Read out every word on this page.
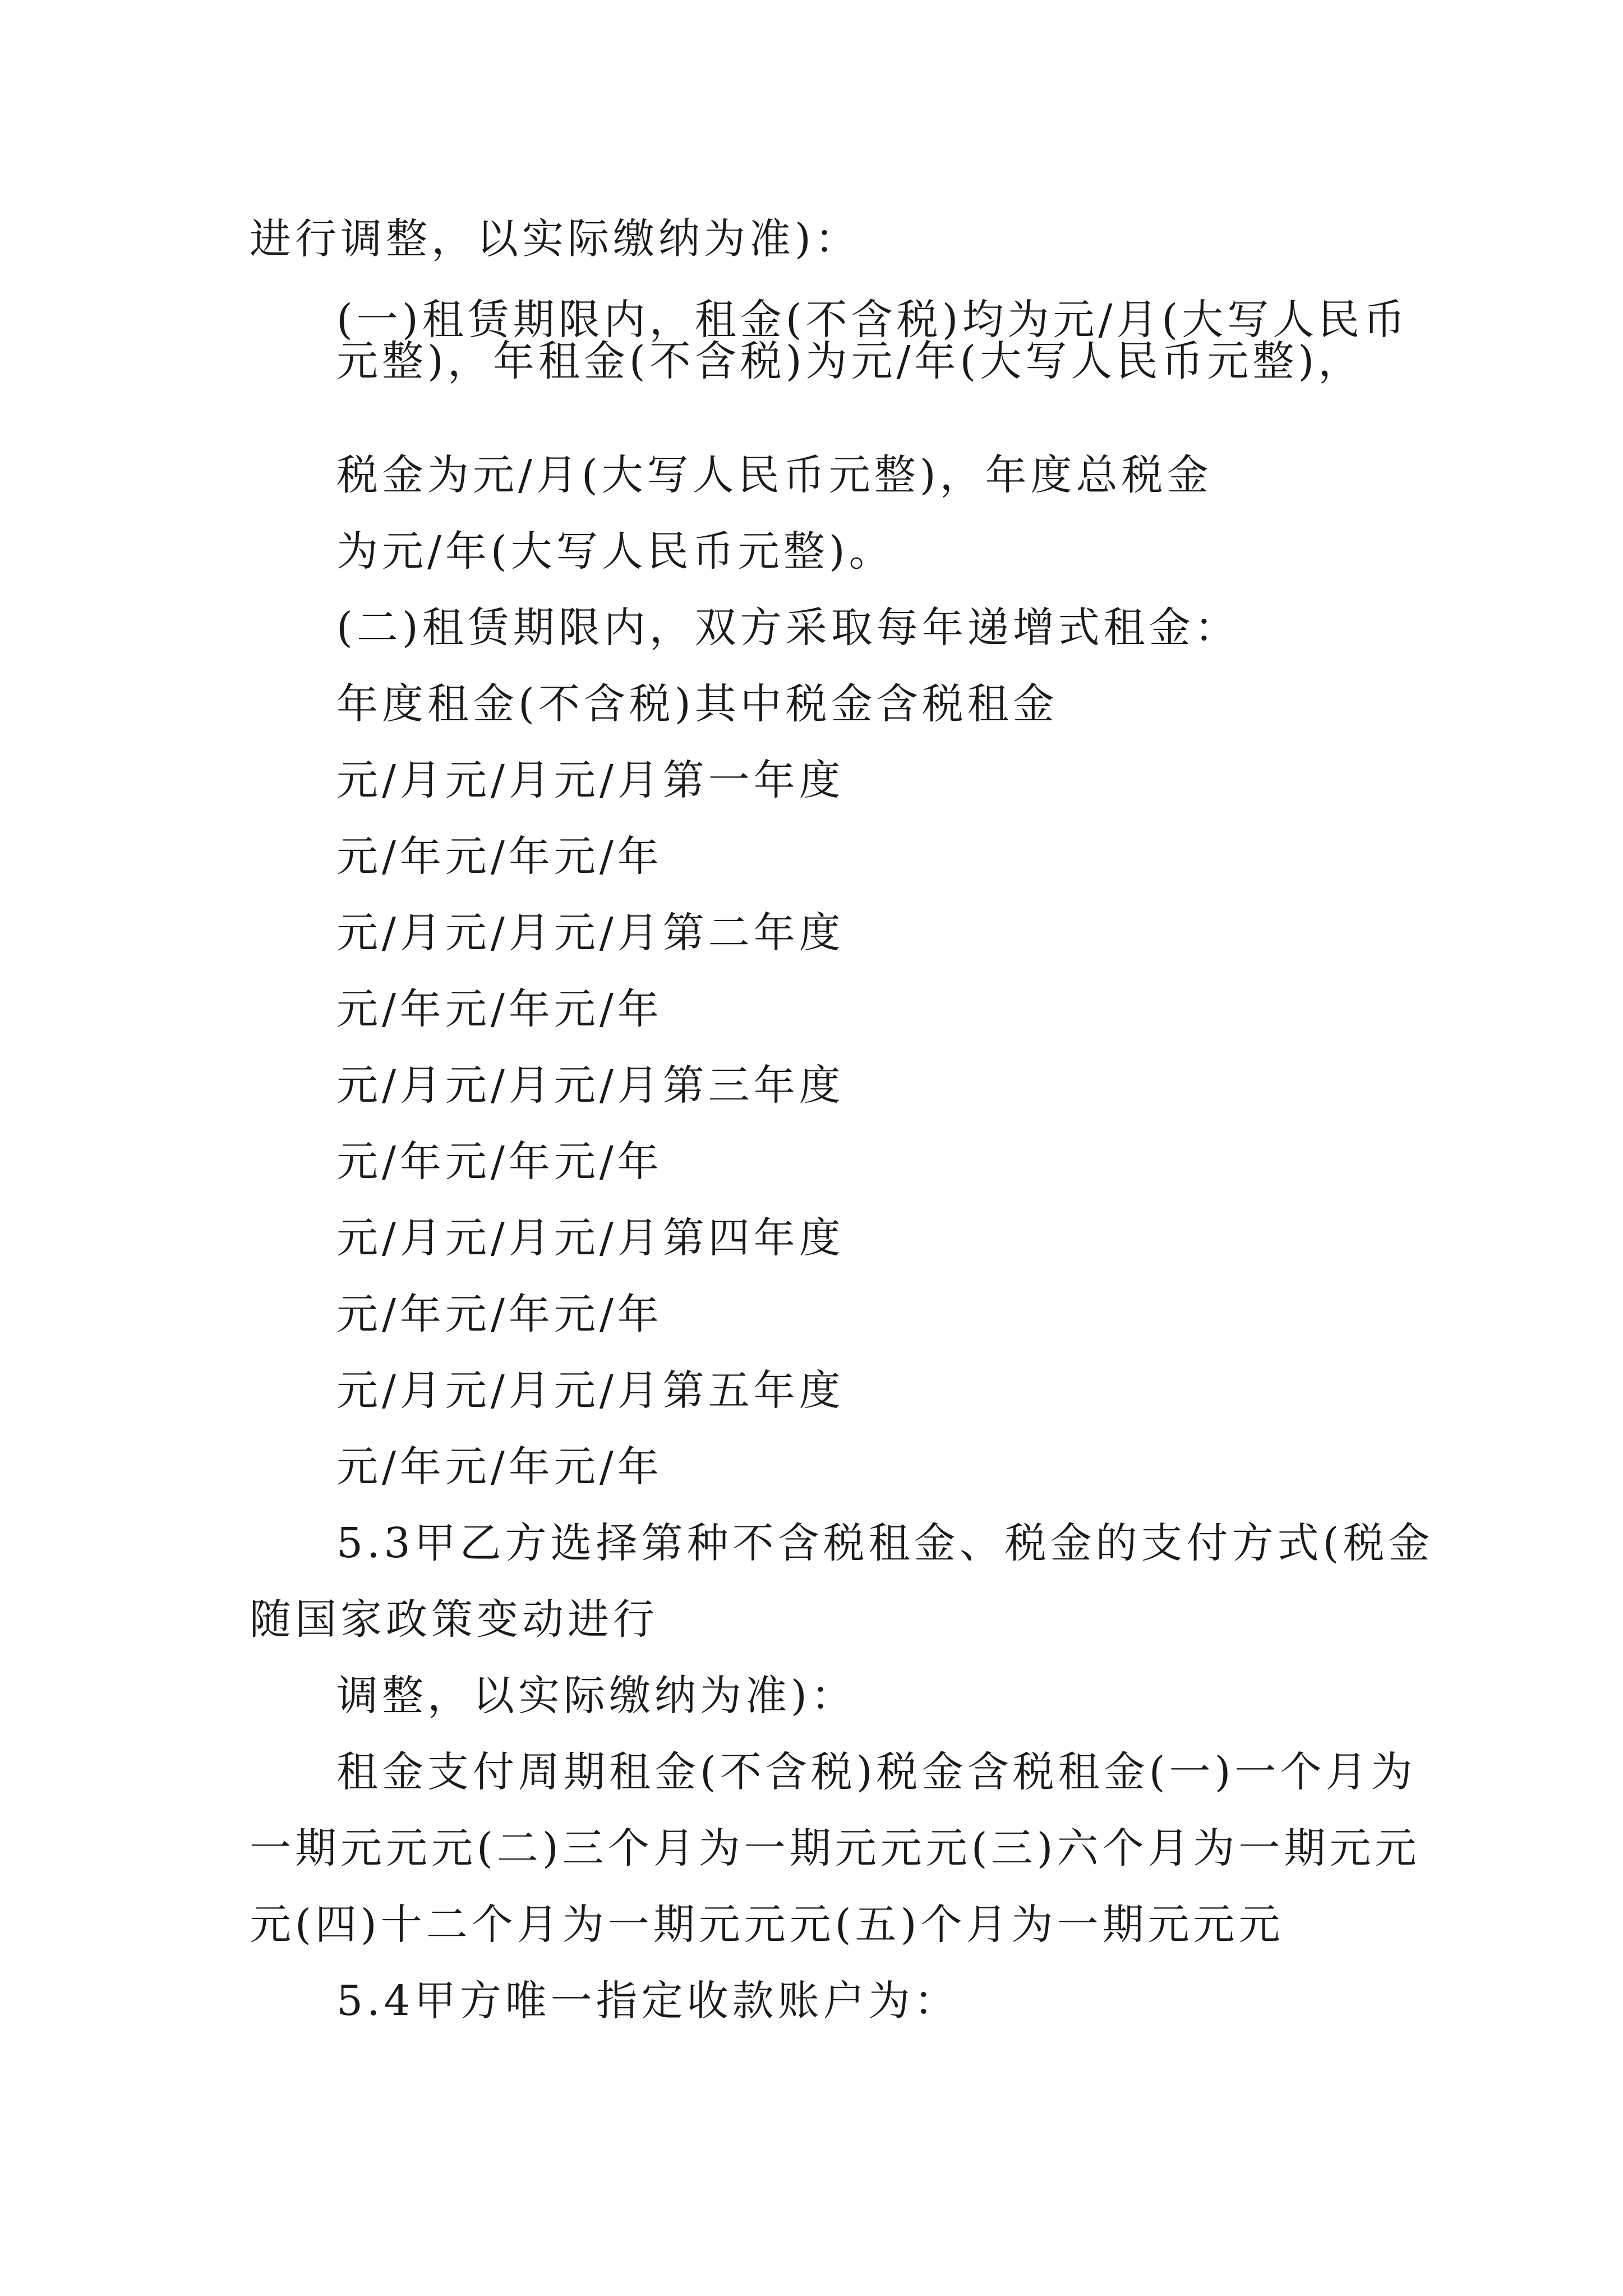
进行调整，以实际缴纳为准)：
(一)租赁期限内，租金(不含税)均为元/月(大写人民币
元整)，年租金(不含税)为元/年(大写人民币元整)，
税金为元/月(大写人民币元整)，年度总税金
为元/年(大写人民币元整)。
(二)租赁期限内，双方采取每年递增式租金：
年度租金(不含税)其中税金含税租金
元/月元/月元/月第一年度
元/年元/年元/年
元/月元/月元/月第二年度
元/年元/年元/年
元/月元/月元/月第三年度
元/年元/年元/年
元/月元/月元/月第四年度
元/年元/年元/年
元/月元/月元/月第五年度
元/年元/年元/年
5.3甲乙方选择第种不含税租金、税金的支付方式(税金
随国家政策变动进行
调整，以实际缴纳为准)：
租金支付周期租金(不含税)税金含税租金(一)一个月为
一期元元元(二)三个月为一期元元元(三)六个月为一期元元
元(四)十二个月为一期元元元(五)个月为一期元元元
5.4甲方唯一指定收款账户为：
